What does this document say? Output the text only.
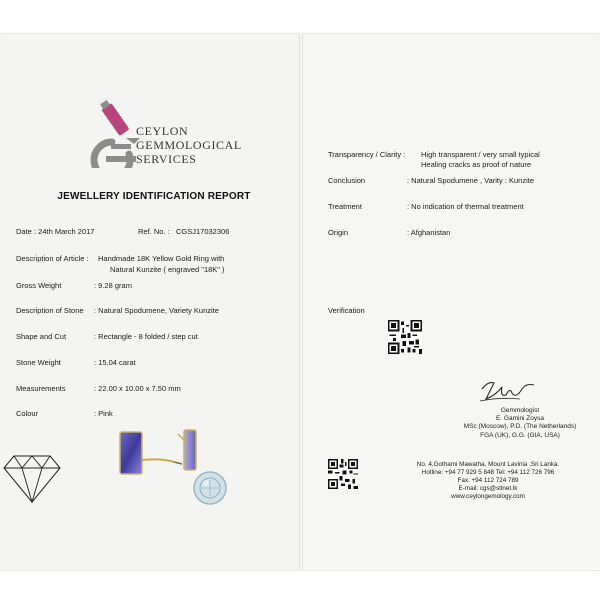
CEYLON
GEMMOLOGICAL
SERVICES
JEWELLERY IDENTIFICATION REPORT
Date : 24th March 2017	Ref. No. : CGSJ17032306
Description of Article : Handmade 18K Yellow Gold Ring with
Natural Kunzite ( engraved "18K" )
Gross Weight	: 9.28 gram
Description of Stone : Natural Spodumene, Variety Kunzite
Shape and Cut	: Rectangle - 8 folded / step cut
Stone Weight	: 15.04 carat
Measurements	: 22.00 x 10.00 x 7.50 mm
Colour	: Pink
Transparency / Clarity : High transparent / very small typical
Healing cracks as proof of nature
Conclusion	: Natural Spodumene , Varity : Kunzite
Treatment	: No indication of thermal treatment
Origin	: Afghanistan
Verification
Gemmologist
E. Gamini Zoysa
MSc (Moscow), P.D. (The Netherlands)
FGA (UK), G.G. (GIA, USA)
No. 4,Gothami Mawatha, Mount Lavinia ,Sri Lanka.
Hotline: +94 77 929 5 848 Tel: +94 112 726 796
Fax: +94 112 724 789
E-mail: cgs@sltnet.lk
www.ceylongemology.com
